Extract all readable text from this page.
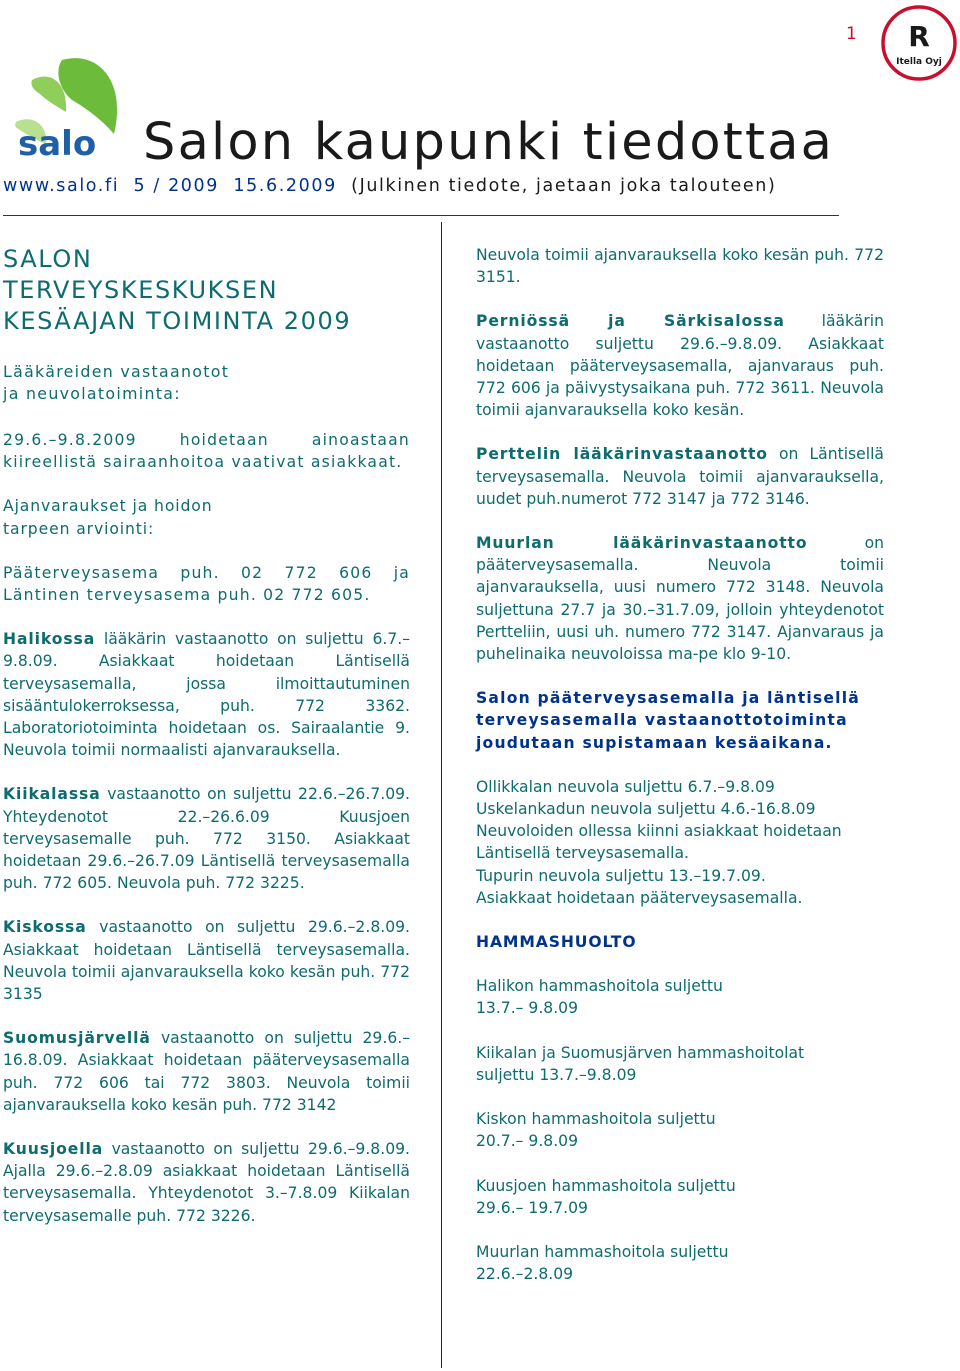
1 R
Itella Oyj
salo Salon kaupunki tiedottaa
www.salo.fi 5 / 2009 15.6.2009 (Julkinen tiedote, jaetaan joka talouteen)
SALON
TERVEYSKESKUKSEN
KESÄAJAN TOIMINTA 2009
Lääkäreiden vastaanotot
ja neuvolatoiminta:

29.6.–9.8.2009	hoidetaan ainoastaan kiireellistä sairaanhoitoa vaativat asiakkaat.

Ajanvaraukset ja hoidon
tarpeen arviointi:

Pääterveysasema puh. 02 772 606 ja Läntinen terveysasema puh. 02 772 605.

Halikossa lääkärin vastaanotto on suljettu 6.7.–9.8.09. Asiakkaat hoidetaan Läntisellä terveysasemalla, jossa ilmoittautuminen sisääntulokerroksessa, puh. 772 3362. Laboratoriotoiminta hoidetaan os. Sairaalantie 9. Neuvola toimii normaalisti ajanvarauksella.

Kiikalassa vastaanotto on suljettu 22.6.–26.7.09. Yhteydenotot 22.–26.6.09 Kuusjoen terveysasemalle puh. 772 3150. Asiakkaat hoidetaan 29.6.–26.7.09 Läntisellä terveysasemalla puh. 772 605. Neuvola puh. 772 3225.

Kiskossa vastaanotto on suljettu 29.6.–2.8.09. Asiakkaat hoidetaan Läntisellä terveysasemalla. Neuvola toimii ajanvarauksella koko kesän puh. 772 3135

Suomusjärvellä vastaanotto on suljettu 29.6.–16.8.09. Asiakkaat hoidetaan pääterveysasemalla puh. 772 606 tai 772 3803. Neuvola toimii ajanvarauksella koko kesän puh. 772 3142

Kuusjoella vastaanotto on suljettu 29.6.–9.8.09. Ajalla 29.6.–2.8.09 asiakkaat hoidetaan Läntisellä terveysasemalla. Yhteydenotot 3.–7.8.09 Kiikalan terveysasemalle puh. 772 3226.

Neuvola toimii ajanvarauksella koko kesän puh. 772 3151.

Perniössä ja Särkisalossa lääkärin vastaanotto suljettu 29.6.–9.8.09. Asiakkaat hoidetaan pääterveysasemalla, ajanvaraus puh. 772 606 ja päivystysaikana puh. 772 3611. Neuvola toimii ajanvarauksella koko kesän.

Perttelin lääkärinvastaanotto on Läntisellä terveysasemalla. Neuvola toimii ajanvarauksella, uudet puh.numerot 772 3147 ja 772 3146.

Muurlan lääkärinvastaanotto	on pääterveysasemalla. Neuvola toimii ajanvarauksella, uusi numero 772 3148. Neuvola suljettuna 27.7 ja 30.–31.7.09, jolloin yhteydenotot Pertteliin, uusi uh. numero 772 3147. Ajanvaraus ja puhelinaika neuvoloissa ma-pe klo 9-10.

Salon pääterveysasemalla ja läntisellä terveysasemalla vastaanottotoiminta joudutaan supistamaan kesäaikana.

Ollikkalan neuvola suljettu 6.7.–9.8.09
Uskelankadun neuvola suljettu 4.6.-16.8.09
Neuvoloiden ollessa kiinni asiakkaat hoidetaan Läntisellä terveysasemalla.
Tupurin neuvola suljettu 13.–19.7.09.
Asiakkaat hoidetaan pääterveysasemalla.

HAMMASHUOLTO

Halikon hammashoitola suljettu
13.7.– 9.8.09

Kiikalan ja Suomusjärven hammashoitolat
suljettu 13.7.–9.8.09

Kiskon hammashoitola suljettu
20.7.– 9.8.09

Kuusjoen hammashoitola suljettu
29.6.– 19.7.09

Muurlan hammashoitola suljettu
22.6.–2.8.09
